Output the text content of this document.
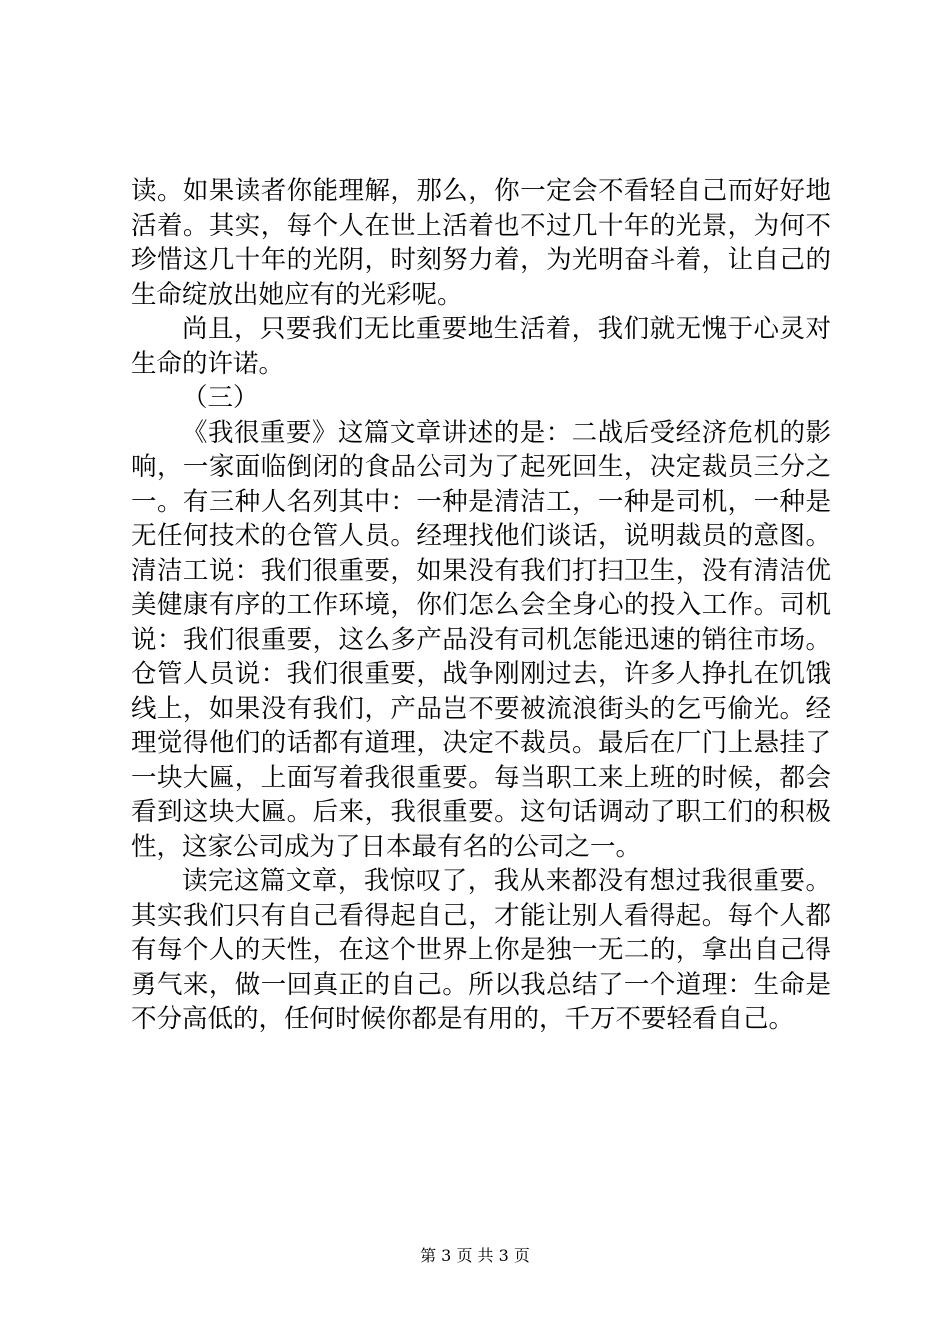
读。如果读者你能理解，那么，你一定会不看轻自己而好好地
活着。其实，每个人在世上活着也不过几十年的光景，为何不
珍惜这几十年的光阴，时刻努力着，为光明奋斗着，让自己的
生命绽放出她应有的光彩呢。
尚且，只要我们无比重要地生活着，我们就无愧于心灵对
生命的许诺。
（三）
《我很重要》这篇文章讲述的是：二战后受经济危机的影
响，一家面临倒闭的食品公司为了起死回生，决定裁员三分之
一。有三种人名列其中：一种是清洁工，一种是司机，一种是
无任何技术的仓管人员。经理找他们谈话，说明裁员的意图。
清洁工说：我们很重要，如果没有我们打扫卫生，没有清洁优
美健康有序的工作环境，你们怎么会全身心的投入工作。司机
说：我们很重要，这么多产品没有司机怎能迅速的销往市场。
仓管人员说：我们很重要，战争刚刚过去，许多人挣扎在饥饿
线上，如果没有我们，产品岂不要被流浪街头的乞丐偷光。经
理觉得他们的话都有道理，决定不裁员。最后在厂门上悬挂了
一块大匾，上面写着我很重要。每当职工来上班的时候，都会
看到这块大匾。后来，我很重要。这句话调动了职工们的积极
性，这家公司成为了日本最有名的公司之一。
读完这篇文章，我惊叹了，我从来都没有想过我很重要。
其实我们只有自己看得起自己，才能让别人看得起。每个人都
有每个人的天性，在这个世界上你是独一无二的，拿出自己得
勇气来，做一回真正的自己。所以我总结了一个道理：生命是
不分高低的，任何时候你都是有用的，千万不要轻看自己。
第 3 页 共 3 页
